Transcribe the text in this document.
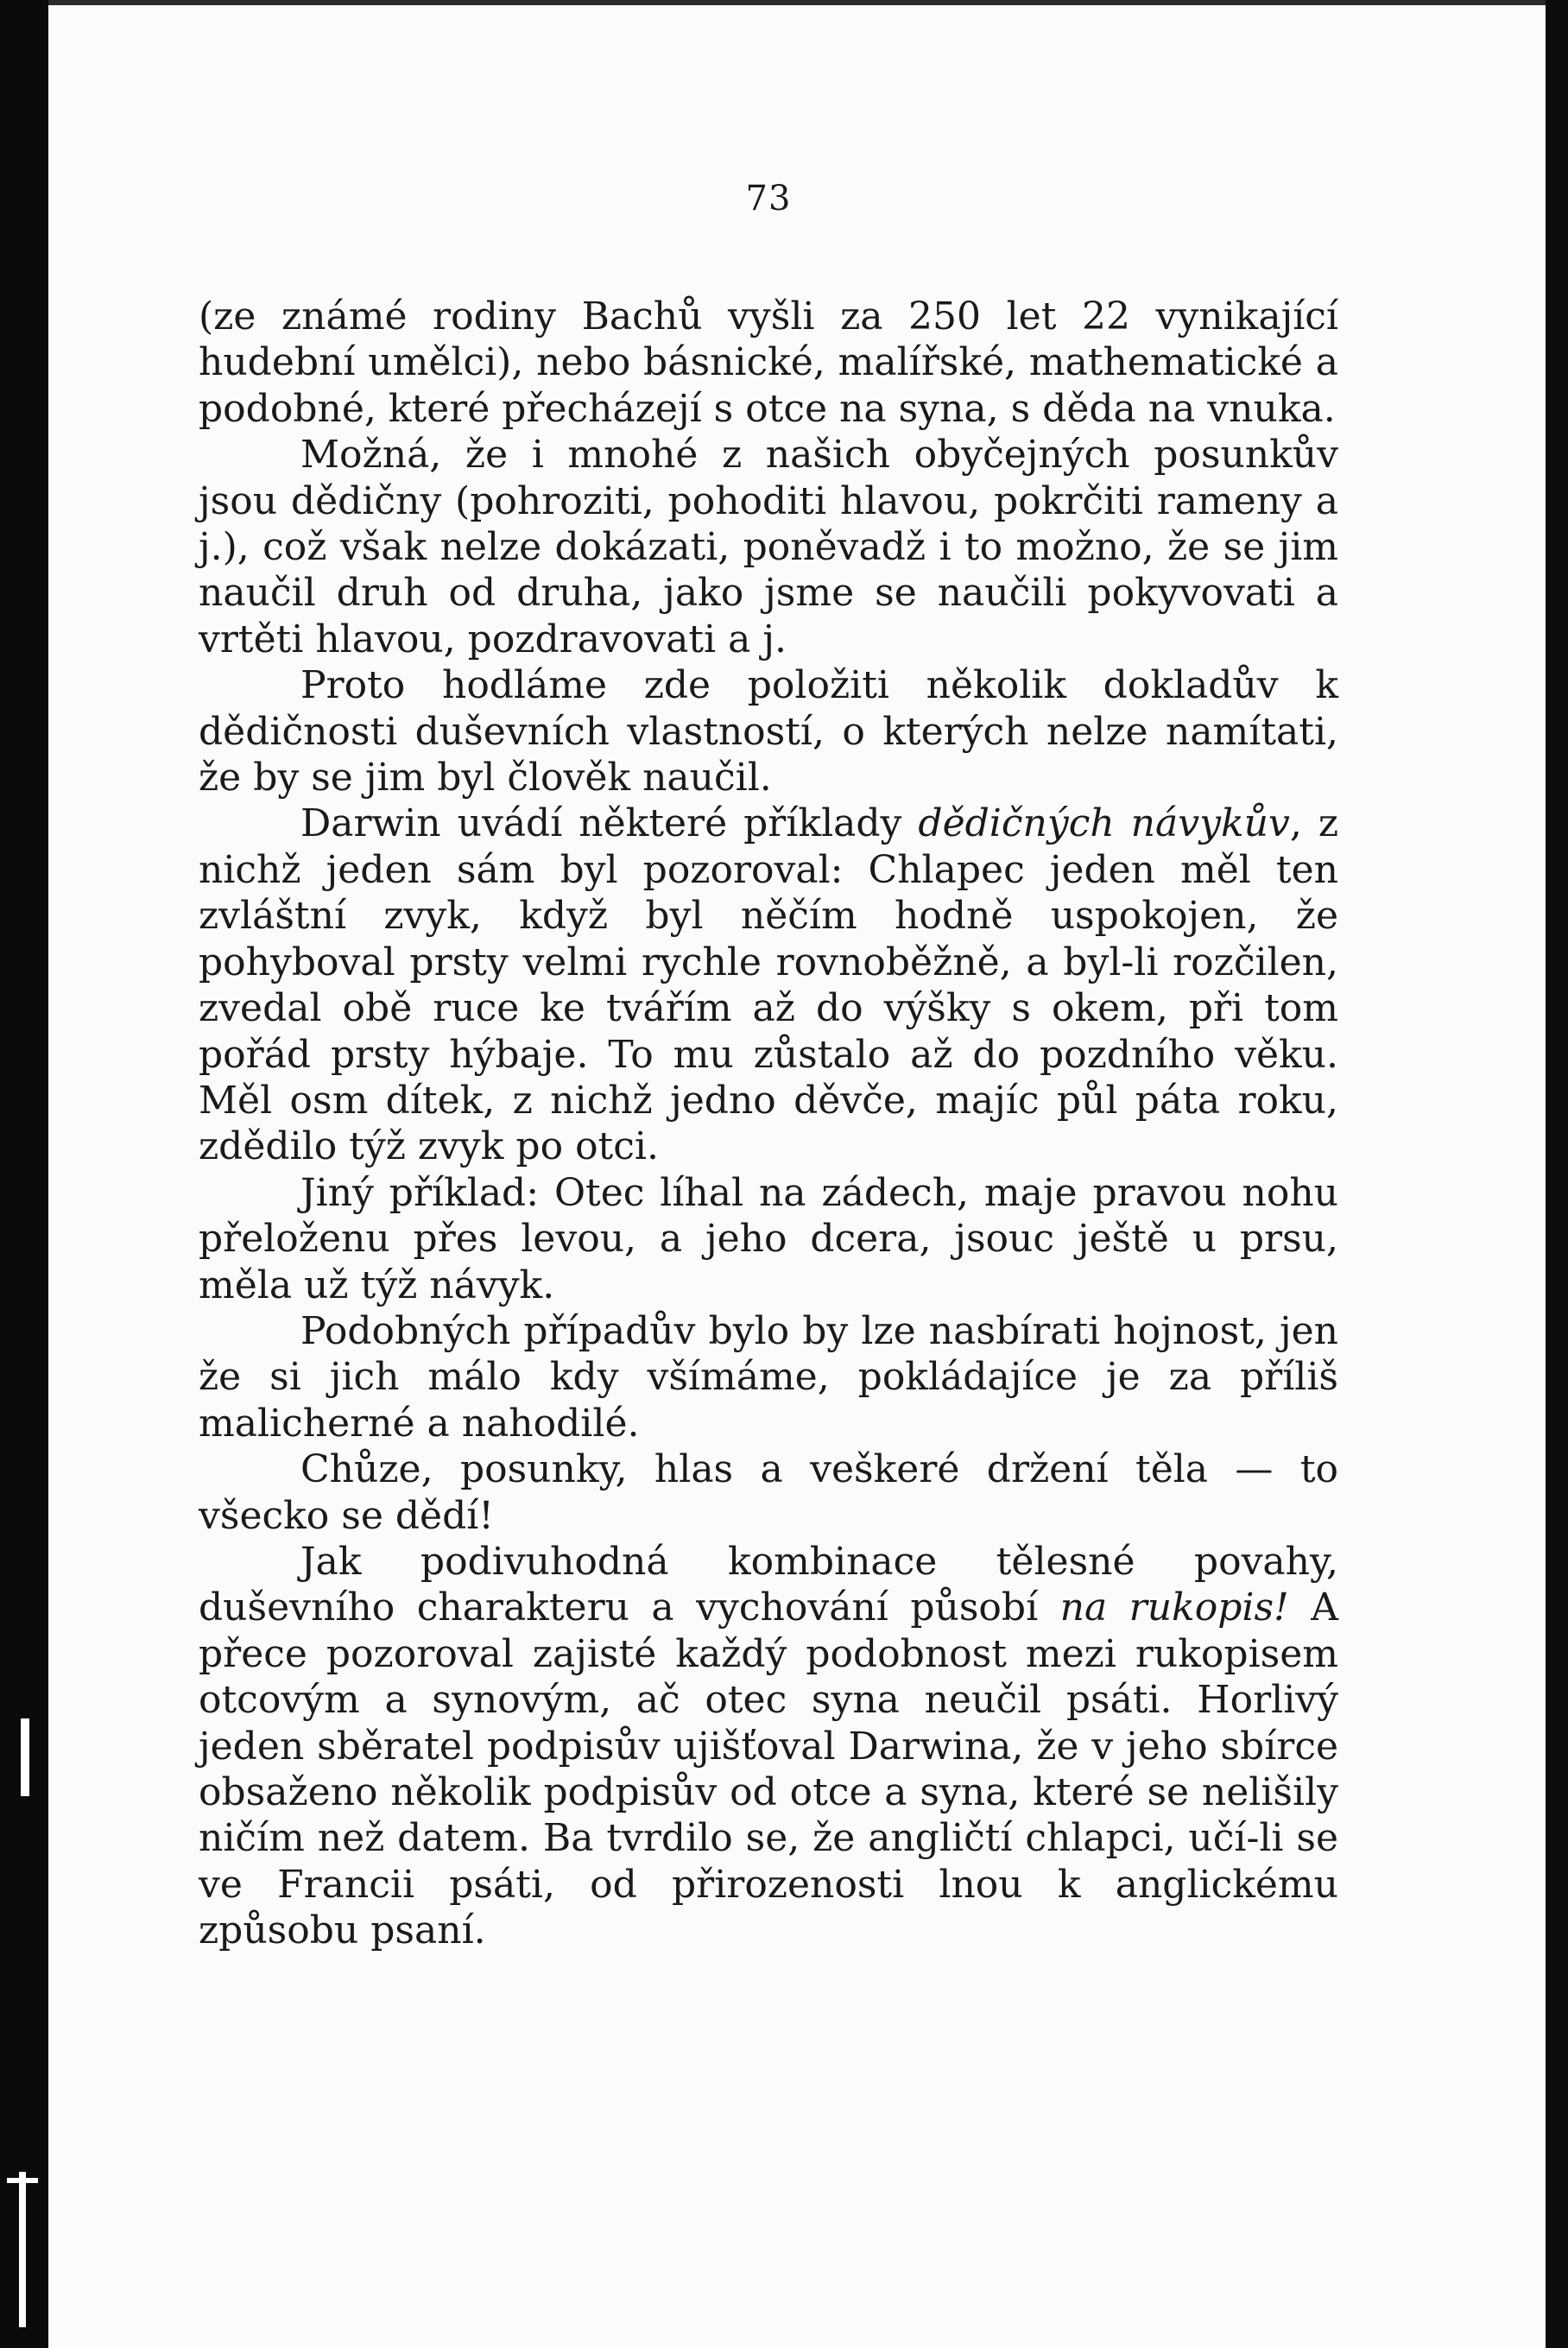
73

(ze známé rodiny Bachů vyšli za 250 let 22 vynikající hudební umělci), nebo básnické, malířské, mathematické a podobné, které přecházejí s otce na syna, s děda na vnuka.

Možná, že i mnohé z našich obyčejných posunkův jsou dědičny (pohroziti, pohoditi hlavou, pokrčiti rameny a j.), což však nelze dokázati, poněvadž i to možno, že se jim naučil druh od druha, jako jsme se naučili pokyvovati a vrtěti hlavou, pozdravovati a j.

Proto hodláme zde položiti několik dokladův k dědičnosti duševních vlastností, o kterých nelze namítati, že by se jim byl člověk naučil.

Darwin uvádí některé příklady dědičných návykův, z nichž jeden sám byl pozoroval: Chlapec jeden měl ten zvláštní zvyk, když byl něčím hodně uspokojen, že pohyboval prsty velmi rychle rovnoběžně, a byl-li rozčilen, zvedal obě ruce ke tvářím až do výšky s okem, při tom pořád prsty hýbaje. To mu zůstalo až do pozdního věku. Měl osm dítek, z nichž jedno děvče, majíc půl páta roku, zdědilo týž zvyk po otci.

Jiný příklad: Otec líhal na zádech, maje pravou nohu přeloženu přes levou, a jeho dcera, jsouc ještě u prsu, měla už týž návyk.

Podobných případův bylo by lze nasbírati hojnost, jen že si jich málo kdy všímáme, pokládajíce je za příliš malicherné a nahodilé.

Chůze, posunky, hlas a veškeré držení těla — to všecko se dědí!

Jak podivuhodná kombinace tělesné povahy, duševního charakteru a vychování působí na rukopis! A přece pozoroval zajisté každý podobnost mezi rukopisem otcovým a synovým, ač otec syna neučil psáti. Horlivý jeden sběratel podpisův ujišťoval Darwina, že v jeho sbírce obsaženo několik podpisův od otce a syna, které se nelišily ničím než datem. Ba tvrdilo se, že angličtí chlapci, učí-li se ve Francii psáti, od přirozenosti lnou k anglickému způsobu psaní.
